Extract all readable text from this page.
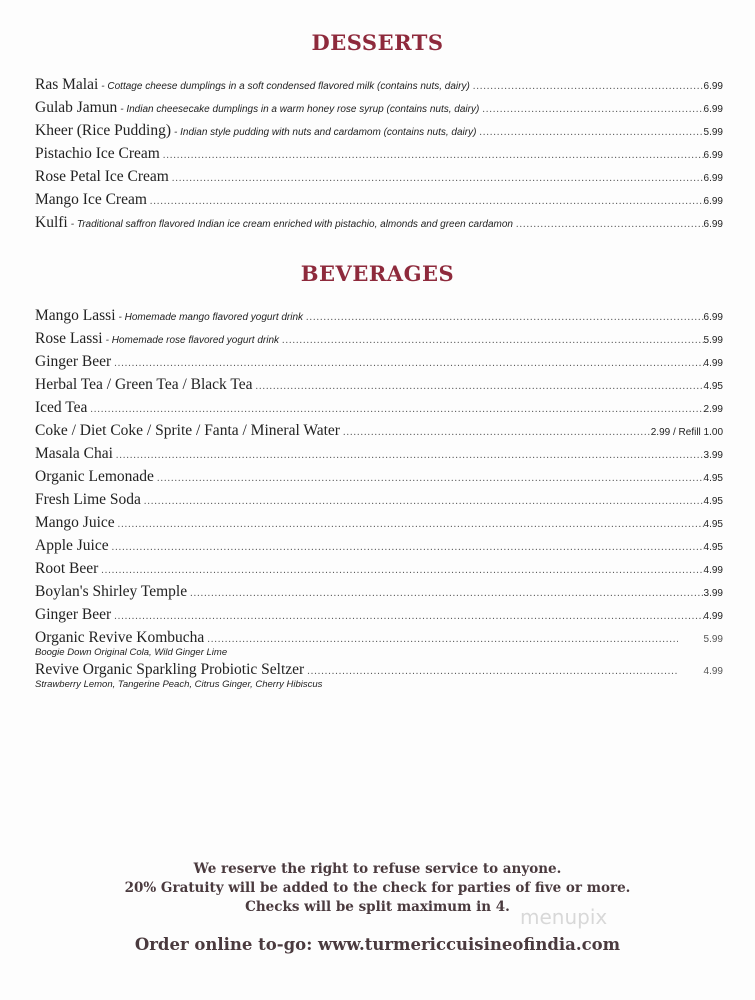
DESSERTS
Ras Malai - Cottage cheese dumplings in a soft condensed flavored milk (contains nuts, dairy) .....	6.99
Gulab Jamun - Indian cheesecake dumplings in a warm honey rose syrup (contains nuts, dairy) .....	6.99
Kheer (Rice Pudding) - Indian style pudding with nuts and cardamom (contains nuts, dairy) .....	5.99
Pistachio Ice Cream .....	6.99
Rose Petal Ice Cream .....	6.99
Mango Ice Cream .....	6.99
Kulfi - Traditional saffron flavored Indian ice cream enriched with pistachio, almonds and green cardamon .....	6.99
BEVERAGES
Mango Lassi - Homemade mango flavored yogurt drink .....	6.99
Rose Lassi - Homemade rose flavored yogurt drink .....	5.99
Ginger Beer .....	4.99
Herbal Tea / Green Tea / Black Tea .....	4.95
Iced Tea .....	2.99
Coke / Diet Coke / Sprite / Fanta / Mineral Water .....	2.99 / Refill 1.00
Masala Chai .....	3.99
Organic Lemonade .....	4.95
Fresh Lime Soda .....	4.95
Mango Juice .....	4.95
Apple Juice .....	4.95
Root Beer .....	4.99
Boylan's Shirley Temple .....	3.99
Ginger Beer .....	4.99
Organic Revive Kombucha .....	5.99
Boogie Down Original Cola, Wild Ginger Lime
Revive Organic Sparkling Probiotic Seltzer .....	4.99
Strawberry Lemon, Tangerine Peach, Citrus Ginger, Cherry Hibiscus
We reserve the right to refuse service to anyone.
20% Gratuity will be added to the check for parties of five or more.
Checks will be split maximum in 4.
Order online to-go: www.turmericcuisineofindia.com
menupix
